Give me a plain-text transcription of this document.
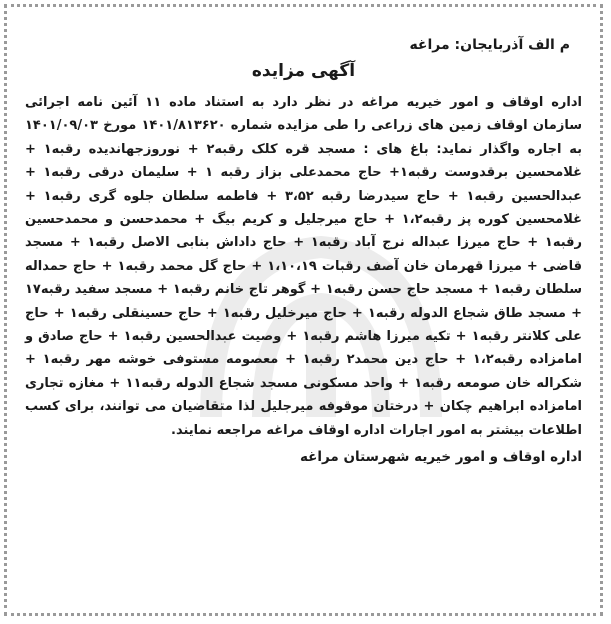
م الف آذربایجان: مراغه
آگهی مزایده
اداره اوقاف و امور خیریه مراغه در نظر دارد به استناد ماده ۱۱ آئین نامه اجرائی سازمان اوقاف زمین های زراعی را طی مزایده شماره ۱۴۰۱/۸۱۳۶۲۰ مورخ ۱۴۰۱/۰۹/۰۳ به اجاره واگذار نماید: باغ های : مسجد قره کلک رقبه۲ + نوروزجهاندیده رقبه۱ + غلامحسین برقدوست رقبه۱+ حاج محمدعلی بزاز رقبه ۱ + سلیمان درقی رقبه۱ + عبدالحسین رقبه۱ + حاج سیدرضا رقبه ۳،۵۲ + فاطمه سلطان جلوه گری رقبه۱ + غلامحسین کوره پز رقبه۱،۲ + حاج میرجلیل و کریم بیگ + محمدحسن و محمدحسین رقبه۱ + حاج میرزا عبداله نرج آباد رقبه۱ + حاج داداش بنابی الاصل رقبه۱ + مسجد قاضی + میرزا قهرمان خان آصف رقبات ۱،۱۰،۱۹ + حاج گل محمد رقبه۱ + حاج حمداله سلطان رقبه۱ + مسجد حاج حسن رقبه۱ + گوهر تاج خانم رقبه۱ + مسجد سفید رقبه۱۷ + مسجد طاق شجاع الدوله رقبه۱ + حاج میرخلیل رقبه۱ + حاج حسینقلی رقبه۱ + حاج علی کلانتر رقبه۱ + تکیه میرزا هاشم رقبه۱ + وصیت عبدالحسین رقبه۱ + حاج صادق و امامزاده رقبه۱،۲ + حاج دین محمد۲ رقبه۱ + معصومه مستوفی خوشه مهر رقبه۱ + شکراله خان صومعه رقبه۱ + واحد مسکونی مسجد شجاع الدوله رقبه۱۱ + مغازه تجاری امامزاده ابراهیم چکان + درختان موقوفه میرجلیل لذا متقاضیان می توانند، برای کسب اطلاعات بیشتر به امور اجارات اداره اوقاف مراغه مراجعه نمایند.
اداره اوقاف و امور خیریه شهرستان مراغه
